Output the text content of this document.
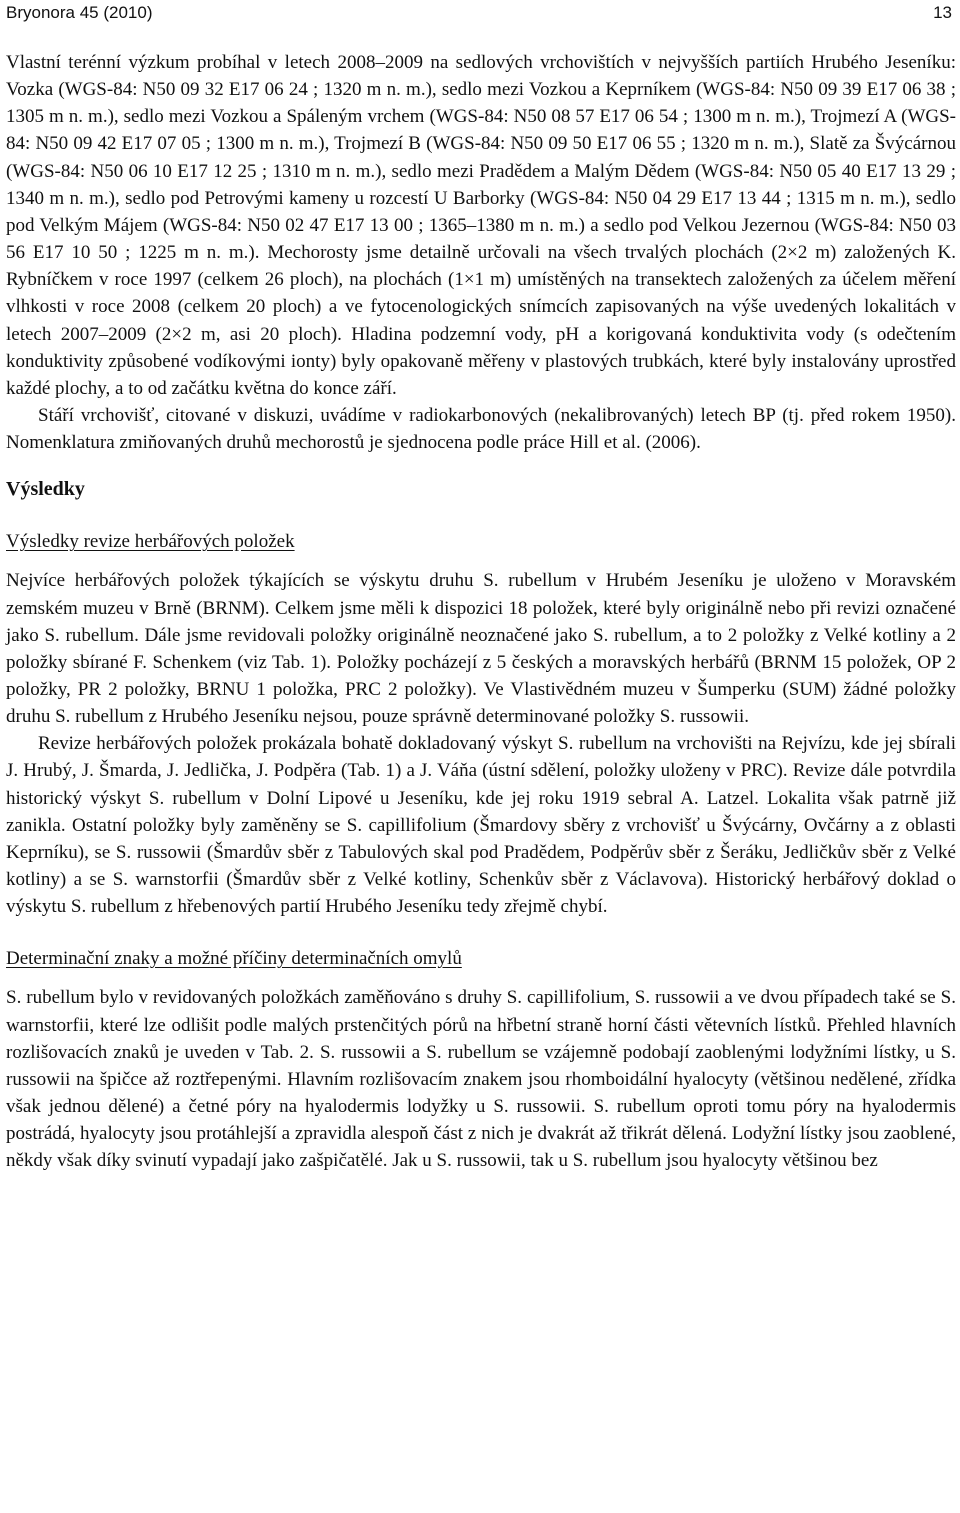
Bryonora 45 (2010)	13

Vlastní terénní výzkum probíhal v letech 2008–2009 na sedlových vrchovištích v nejvyšších partiích Hrubého Jeseníku: Vozka (WGS-84: N50 09 32 E17 06 24 ; 1320 m n. m.), sedlo mezi Vozkou a Keprníkem (WGS-84: N50 09 39 E17 06 38 ; 1305 m n. m.), sedlo mezi Vozkou a Spáleným vrchem (WGS-84: N50 08 57 E17 06 54 ; 1300 m n. m.), Trojmezí A (WGS-84: N50 09 42 E17 07 05 ; 1300 m n. m.), Trojmezí B (WGS-84: N50 09 50 E17 06 55 ; 1320 m n. m.), Slatě za Švýcárnou (WGS-84: N50 06 10 E17 12 25 ; 1310 m n. m.), sedlo mezi Pradědem a Malým Dědem (WGS-84: N50 05 40 E17 13 29 ; 1340 m n. m.), sedlo pod Petrovými kameny u rozcestí U Barborky (WGS-84: N50 04 29 E17 13 44 ; 1315 m n. m.), sedlo pod Velkým Májem (WGS-84: N50 02 47 E17 13 00 ; 1365–1380 m n. m.) a sedlo pod Velkou Jezernou (WGS-84: N50 03 56 E17 10 50 ; 1225 m n. m.). Mechorosty jsme detailně určovali na všech trvalých plochách (2×2 m) založených K. Rybníčkem v roce 1997 (celkem 26 ploch), na plochách (1×1 m) umístěných na transektech založených za účelem měření vlhkosti v roce 2008 (celkem 20 ploch) a ve fytocenologických snímcích zapisovaných na výše uvedených lokalitách v letech 2007–2009 (2×2 m, asi 20 ploch). Hladina podzemní vody, pH a korigovaná konduktivita vody (s odečtením konduktivity způsobené vodíkovými ionty) byly opakovaně měřeny v plastových trubkách, které byly instalovány uprostřed každé plochy, a to od začátku května do konce září.

Stáří vrchovišť, citované v diskuzi, uvádíme v radiokarbonových (nekalibrovaných) letech BP (tj. před rokem 1950). Nomenklatura zmiňovaných druhů mechorostů je sjednocena podle práce Hill et al. (2006).

Výsledky
Výsledky revize herbářových položek

Nejvíce herbářových položek týkajících se výskytu druhu S. rubellum v Hrubém Jeseníku je uloženo v Moravském zemském muzeu v Brně (BRNM). Celkem jsme měli k dispozici 18 položek, které byly originálně nebo při revizi označené jako S. rubellum. Dále jsme revidovali položky originálně neoznačené jako S. rubellum, a to 2 položky z Velké kotliny a 2 položky sbírané F. Schenkem (viz Tab. 1). Položky pocházejí z 5 českých a moravských herbářů (BRNM 15 položek, OP 2 položky, PR 2 položky, BRNU 1 položka, PRC 2 položky). Ve Vlastivědném muzeu v Šumperku (SUM) žádné položky druhu S. rubellum z Hrubého Jeseníku nejsou, pouze správně determinované položky S. russowii.

Revize herbářových položek prokázala bohatě dokladovaný výskyt S. rubellum na vrchovišti na Rejvízu, kde jej sbírali J. Hrubý, J. Šmarda, J. Jedlička, J. Podpěra (Tab. 1) a J. Váňa (ústní sdělení, položky uloženy v PRC). Revize dále potvrdila historický výskyt S. rubellum v Dolní Lipové u Jeseníku, kde jej roku 1919 sebral A. Latzel. Lokalita však patrně již zanikla. Ostatní položky byly zaměněny se S. capillifolium (Šmardovy sběry z vrchovišť u Švýcárny, Ovčárny a z oblasti Keprníku), se S. russowii (Šmardův sběr z Tabulových skal pod Pradědem, Podpěrův sběr z Šeráku, Jedličkův sběr z Velké kotliny) a se S. warnstorfii (Šmardův sběr z Velké kotliny, Schenkův sběr z Václavova). Historický herbářový doklad o výskytu S. rubellum z hřebenových partií Hrubého Jeseníku tedy zřejmě chybí.

Determinační znaky a možné příčiny determinačních omylů

S. rubellum bylo v revidovaných položkách zaměňováno s druhy S. capillifolium, S. russowii a ve dvou případech také se S. warnstorfii, které lze odlišit podle malých prstenčitých pórů na hřbetní straně horní části větevních lístků. Přehled hlavních rozlišovacích znaků je uveden v Tab. 2. S. russowii a S. rubellum se vzájemně podobají zaoblenými lodyžními lístky, u S. russowii na špičce až roztřepenými. Hlavním rozlišovacím znakem jsou rhomboidální hyalocyty (většinou nedělené, zřídka však jednou dělené) a četné póry na hyalodermis lodyžky u S. russowii. S. rubellum oproti tomu póry na hyalodermis postrádá, hyalocyty jsou protáhlejší a zpravidla alespoň část z nich je dvakrát až třikrát dělená. Lodyžní lístky jsou zaoblené, někdy však díky svinutí vypadají jako zašpičatělé. Jak u S. russowii, tak u S. rubellum jsou hyalocyty většinou bez
